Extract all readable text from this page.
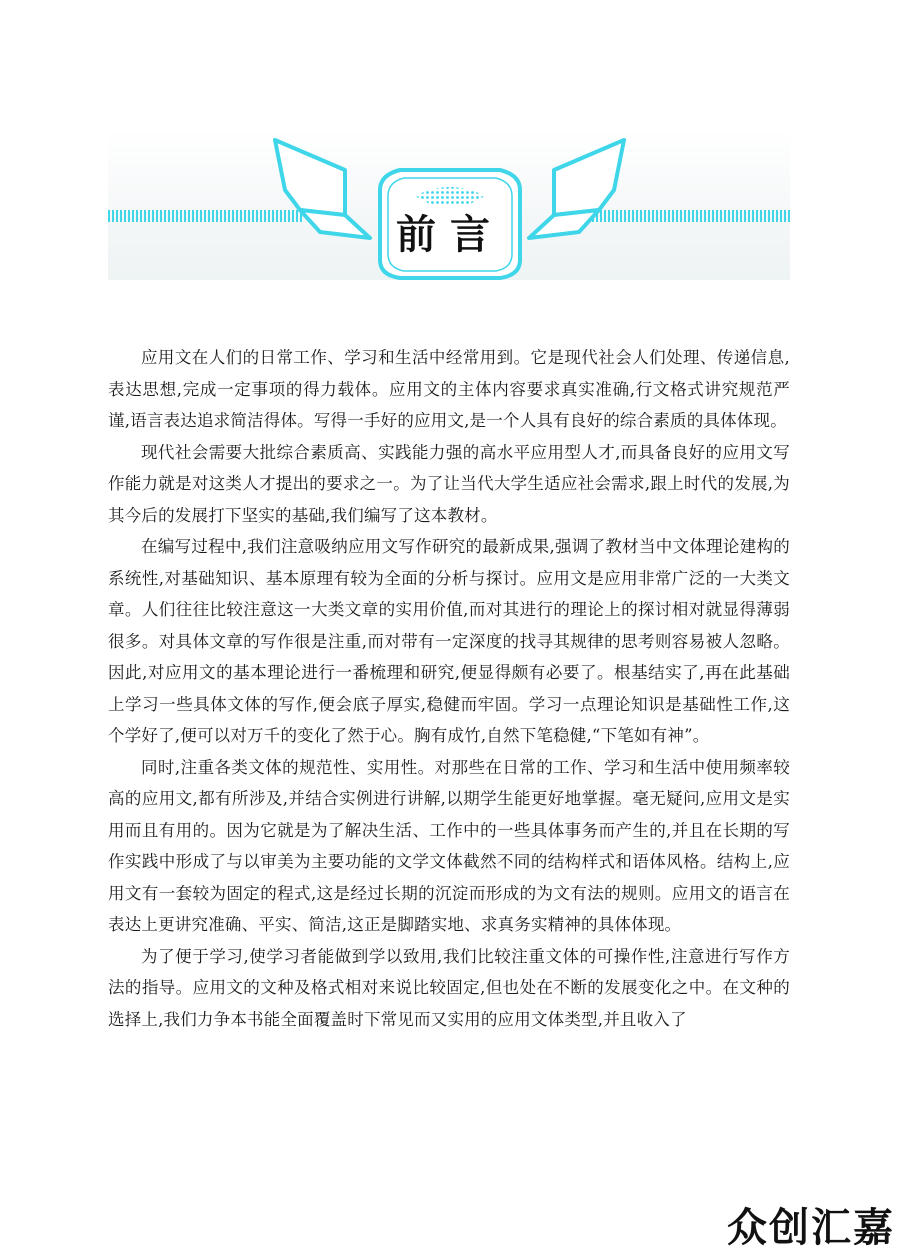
前言

应用文在人们的日常工作、学习和生活中经常用到。它是现代社会人们处理、传递信息,表达思想,完成一定事项的得力载体。应用文的主体内容要求真实准确,行文格式讲究规范严谨,语言表达追求简洁得体。写得一手好的应用文,是一个人具有良好的综合素质的具体体现。

现代社会需要大批综合素质高、实践能力强的高水平应用型人才,而具备良好的应用文写作能力就是对这类人才提出的要求之一。为了让当代大学生适应社会需求,跟上时代的发展,为其今后的发展打下坚实的基础,我们编写了这本教材。

在编写过程中,我们注意吸纳应用文写作研究的最新成果,强调了教材当中文体理论建构的系统性,对基础知识、基本原理有较为全面的分析与探讨。应用文是应用非常广泛的一大类文章。人们往往比较注意这一大类文章的实用价值,而对其进行的理论上的探讨相对就显得薄弱很多。对具体文章的写作很是注重,而对带有一定深度的找寻其规律的思考则容易被人忽略。因此,对应用文的基本理论进行一番梳理和研究,便显得颇有必要了。根基结实了,再在此基础上学习一些具体文体的写作,便会底子厚实,稳健而牢固。学习一点理论知识是基础性工作,这个学好了,便可以对万千的变化了然于心。胸有成竹,自然下笔稳健,“下笔如有神”。

同时,注重各类文体的规范性、实用性。对那些在日常的工作、学习和生活中使用频率较高的应用文,都有所涉及,并结合实例进行讲解,以期学生能更好地掌握。毫无疑问,应用文是实用而且有用的。因为它就是为了解决生活、工作中的一些具体事务而产生的,并且在长期的写作实践中形成了与以审美为主要功能的文学文体截然不同的结构样式和语体风格。结构上,应用文有一套较为固定的程式,这是经过长期的沉淀而形成的为文有法的规则。应用文的语言在表达上更讲究准确、平实、简洁,这正是脚踏实地、求真务实精神的具体体现。

为了便于学习,使学习者能做到学以致用,我们比较注重文体的可操作性,注意进行写作方法的指导。应用文的文种及格式相对来说比较固定,但也处在不断的发展变化之中。在文种的选择上,我们力争本书能全面覆盖时下常见而又实用的应用文体类型,并且收入了

众创汇嘉
